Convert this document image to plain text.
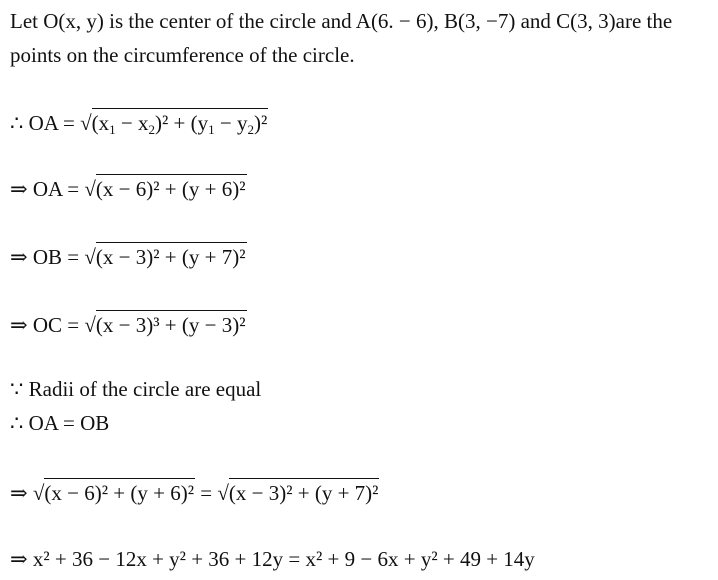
Let O(x, y) is the center of the circle and A(6. − 6), B(3, −7) and C(3, 3)are the
points on the circumference of the circle.
∴ OA = $√(x_1 - x_2)^2 + (y_1 - y_2)^2$
⇒ OA = √(x − 6)² + (y + 6)²
⇒ OB = √(x − 3)² + (y + 7)²
⇒ OC = √(x − 3)³ + (y − 3)²
∵ Radii of the circle are equal
∴ OA = OB
⇒ √(x − 6)² + (y + 6)² = √(x − 3)² + (y + 7)²
⇒ x² + 36 − 12x + y² + 36 + 12y = x² + 9 − 6x + y² + 49 + 14y
